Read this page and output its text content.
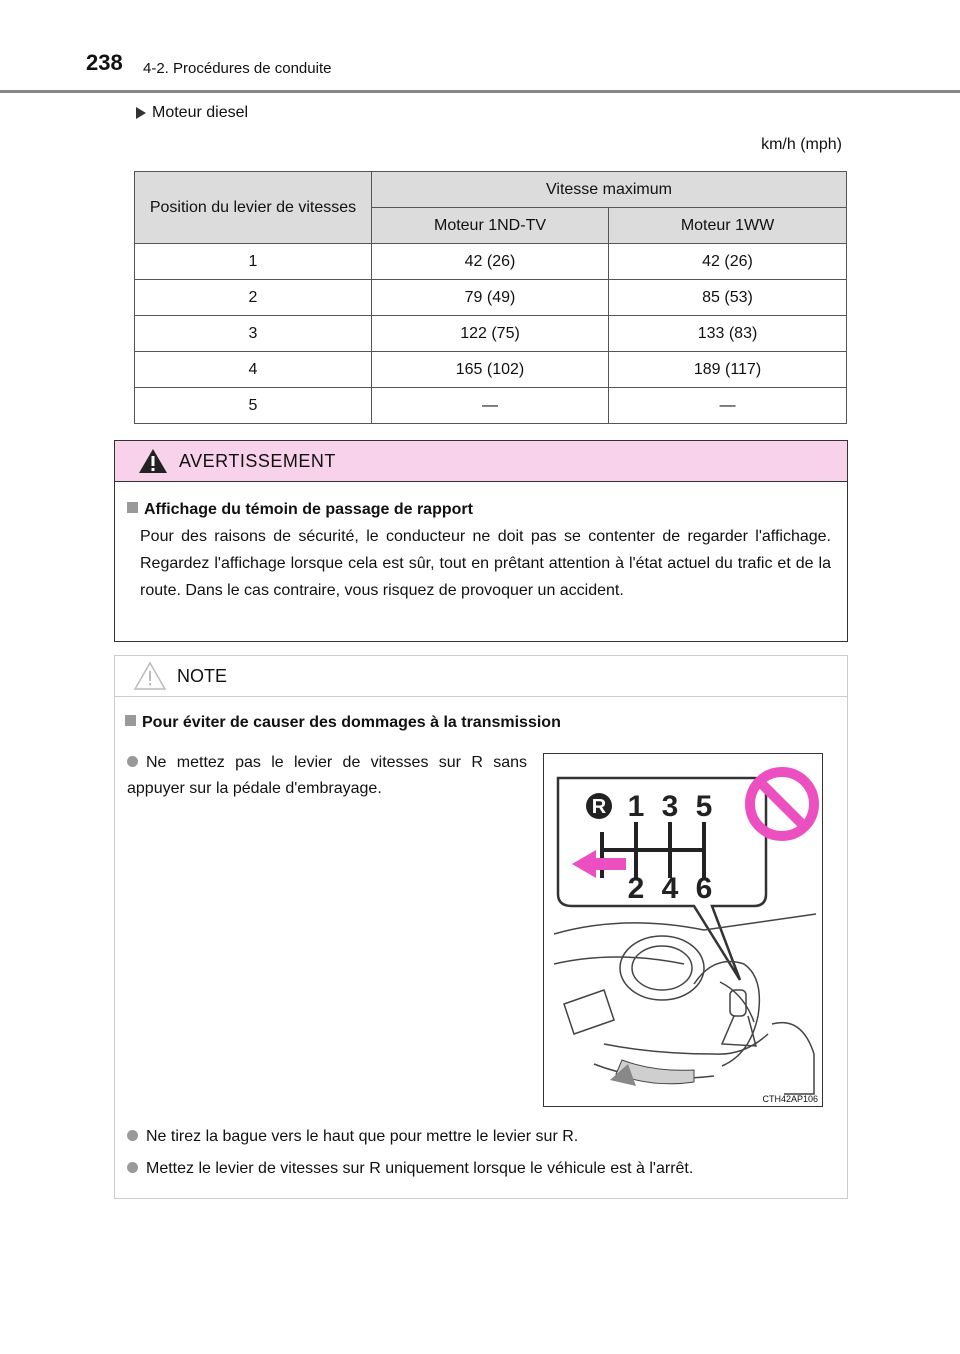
238 4-2. Procédures de conduite
Moteur diesel
km/h (mph)
Position du levier de vitesses	Vitesse maximum	
	Moteur 1ND-TV	Moteur 1WW
1	42 (26)	42 (26)
2	79 (49)	85 (53)
3	122 (75)	133 (83)
4	165 (102)	189 (117)
5	—	—
AVERTISSEMENT
Affichage du témoin de passage de rapport
Pour des raisons de sécurité, le conducteur ne doit pas se contenter de regarder l'affichage. Regardez l'affichage lorsque cela est sûr, tout en prêtant attention à l'état actuel du trafic et de la route. Dans le cas contraire, vous risquez de provoquer un accident.
NOTE
Pour éviter de causer des dommages à la transmission
Ne mettez pas le levier de vitesses sur R sans appuyer sur la pédale d'embrayage.
R 1 3 5
2 4 6
CTH42AP106
Ne tirez la bague vers le haut que pour mettre le levier sur R.
Mettez le levier de vitesses sur R uniquement lorsque le véhicule est à l'arrêt.
